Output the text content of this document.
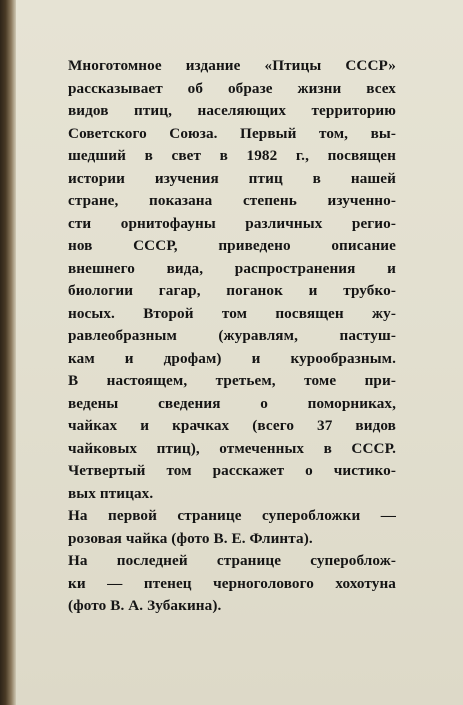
Многотомное издание «Птицы СССР»
рассказывает об образе жизни всех
видов птиц, населяющих территорию
Советского Союза. Первый том, вы-
шедший в свет в 1982 г., посвящен
истории изучения птиц в нашей
стране, показана степень изученно-
сти орнитофауны различных регио-
нов СССР, приведено описание
внешнего вида, распространения и
биологии гагар, поганок и трубко-
носых. Второй том посвящен жу-
равлеобразным (журавлям, пастуш-
кам и дрофам) и курообразным.
В настоящем, третьем, томе при-
ведены сведения о поморниках,
чайках и крачках (всего 37 видов
чайковых птиц), отмеченных в СССР.
Четвертый том расскажет о чистико-
вых птицах.
На первой странице суперобложки —
розовая чайка (фото В. Е. Флинта).
На последней странице суперoблож-
ки — птенец черноголового хохотуна
(фото В. А. Зубакина).
